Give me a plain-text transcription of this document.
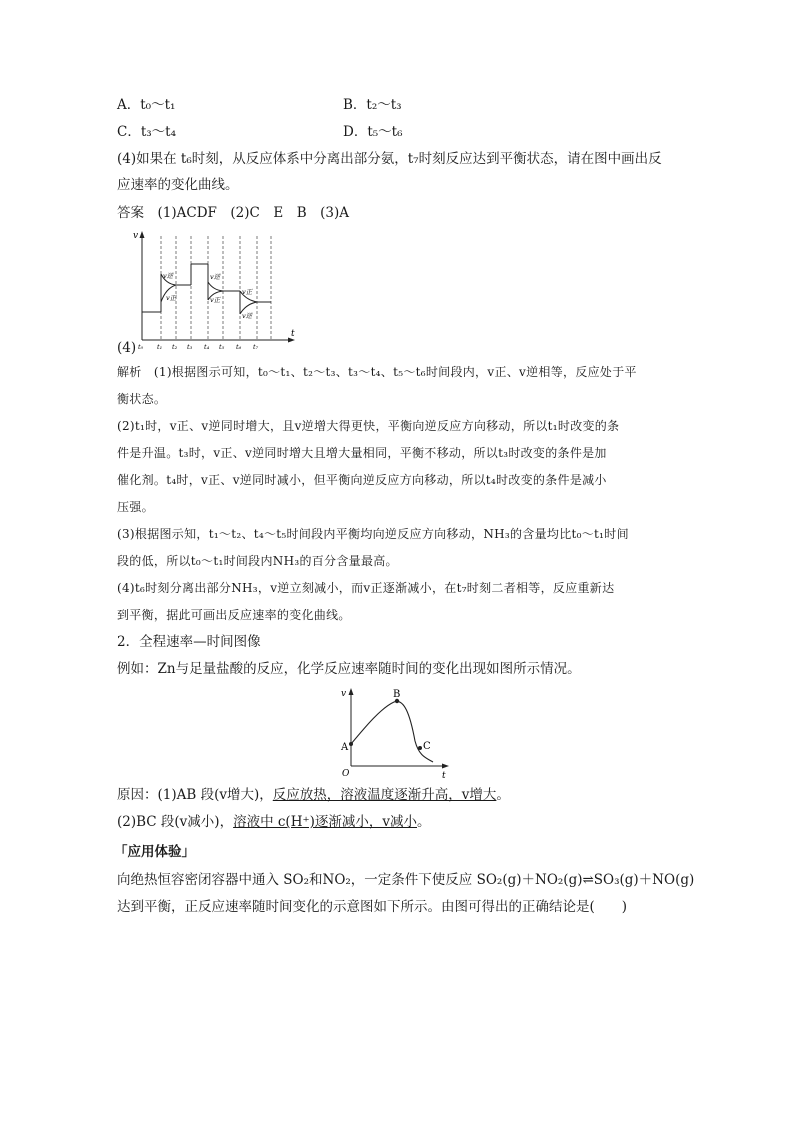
A．t₀～t₁	B．t₂～t₃
C．t₃～t₄	D．t₅～t₆
(4)如果在 t₆时刻，从反应体系中分离出部分氨，t₇时刻反应达到平衡状态，请在图中画出反
应速率的变化曲线。
答案　(1)ACDF　(2)C　E　B　(3)A
(4)
v
t
v逆
v正
v逆
v正
v正
v逆
t₀ t₁ t₂ t₃ t₄ t₅ t₆ t₇
解析　(1)根据图示可知，t₀～t₁、t₂～t₃、t₃～t₄、t₅～t₆时间段内，v正、v逆相等，反应处于平
衡状态。
(2)t₁时，v正、v逆同时增大，且v逆增大得更快，平衡向逆反应方向移动，所以t₁时改变的条
件是升温。t₃时，v正、v逆同时增大且增大量相同，平衡不移动，所以t₃时改变的条件是加
催化剂。t₄时，v正、v逆同时减小，但平衡向逆反应方向移动，所以t₄时改变的条件是减小
压强。
(3)根据图示知，t₁～t₂、t₄～t₅时间段内平衡均向逆反应方向移动，NH₃的含量均比t₀～t₁时间
段的低，所以t₀～t₁时间段内NH₃的百分含量最高。
(4)t₆时刻分离出部分NH₃，v逆立刻减小，而v正逐渐减小，在t₇时刻二者相等，反应重新达
到平衡，据此可画出反应速率的变化曲线。
2．全程速率—时间图像
例如：Zn与足量盐酸的反应，化学反应速率随时间的变化出现如图所示情况。
v
t
O
A
B
C
原因：(1)AB 段(v增大)，反应放热，溶液温度逐渐升高，v增大。
(2)BC 段(v减小)，溶液中 c(H⁺)逐渐减小，v减小。
「应用体验」
向绝热恒容密闭容器中通入 SO₂和NO₂，一定条件下使反应 SO₂(g)＋NO₂(g)⇌SO₃(g)＋NO(g)
达到平衡，正反应速率随时间变化的示意图如下所示。由图可得出的正确结论是(　　)
